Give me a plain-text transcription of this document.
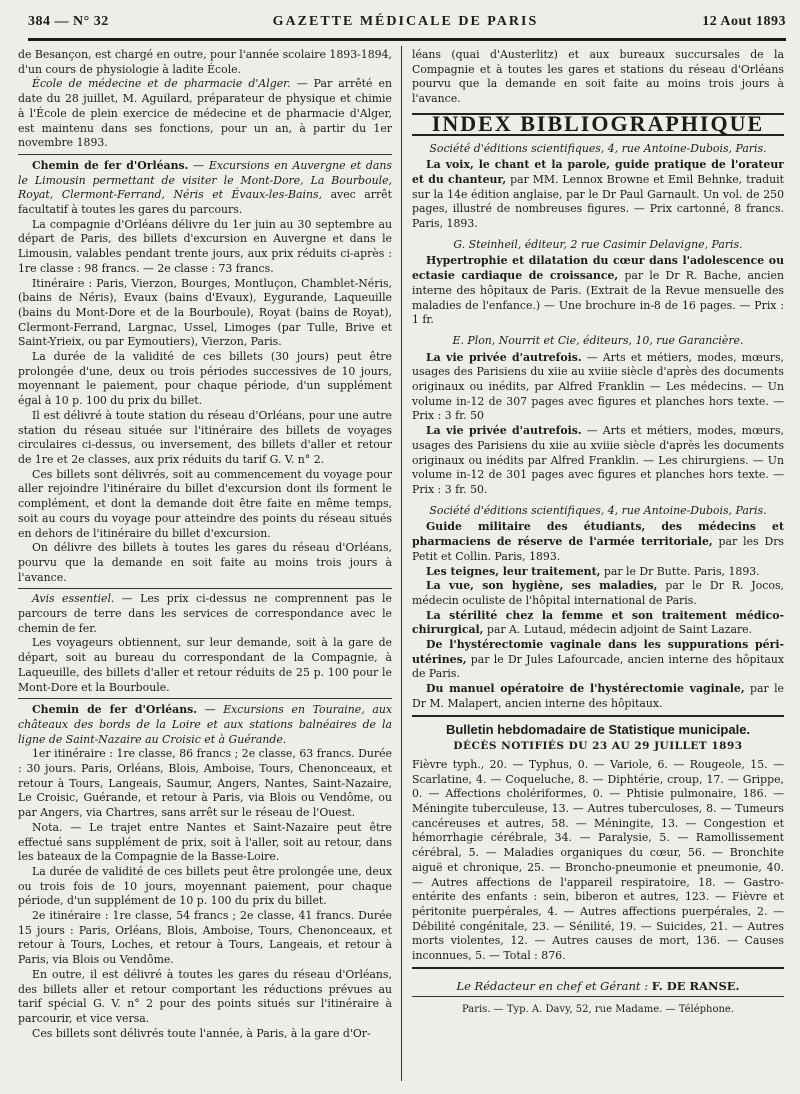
384 — N° 32	GAZETTE MÉDICALE DE PARIS	12 Aout 1893

de Besançon, est chargé en outre, pour l'année scolaire 1893-1894, d'un cours de physiologie à ladite École.

École de médecine et de pharmacie d'Alger. — Par arrêté en date du 28 juillet, M. Aguilard, préparateur de physique et chimie à l'École de plein exercice de médecine et de pharmacie d'Alger, est maintenu dans ses fonctions, pour un an, à partir du 1er novembre 1893.

Chemin de fer d'Orléans. — Excursions en Auvergne et dans le Limousin permettant de visiter le Mont-Dore, La Bourboule, Royat, Clermont-Ferrand, Néris et Évaux-les-Bains, avec arrêt facultatif à toutes les gares du parcours.

La compagnie d'Orléans délivre du 1er juin au 30 septembre au départ de Paris, des billets d'excursion en Auvergne et dans le Limousin, valables pendant trente jours, aux prix réduits ci-après : 1re classe : 98 francs. — 2e classe : 73 francs.

Itinéraire : Paris, Vierzon, Bourges, Montluçon, Chamblet-Néris, (bains de Néris), Evaux (bains d'Evaux), Eygurande, Laqueuille (bains du Mont-Dore et de la Bourboule), Royat (bains de Royat), Clermont-Ferrand, Largnac, Ussel, Limoges (par Tulle, Brive et Saint-Yrieix, ou par Eymoutiers), Vierzon, Paris.

La durée de la validité de ces billets (30 jours) peut être prolongée d'une, deux ou trois périodes successives de 10 jours, moyennant le paiement, pour chaque période, d'un supplément égal à 10 p. 100 du prix du billet.

Il est délivré à toute station du réseau d'Orléans, pour une autre station du réseau située sur l'itinéraire des billets de voyages circulaires ci-dessus, ou inversement, des billets d'aller et retour de 1re et 2e classes, aux prix réduits du tarif G. V. n° 2.

Ces billets sont délivrés, soit au commencement du voyage pour aller rejoindre l'itinéraire du billet d'excursion dont ils forment le complément, et dont la demande doit être faite en même temps, soit au cours du voyage pour atteindre des points du réseau situés en dehors de l'itinéraire du billet d'excursion.

On délivre des billets à toutes les gares du réseau d'Orléans, pourvu que la demande en soit faite au moins trois jours à l'avance.

Avis essentiel. — Les prix ci-dessus ne comprennent pas le parcours de terre dans les services de correspondance avec le chemin de fer.

Les voyageurs obtiennent, sur leur demande, soit à la gare de départ, soit au bureau du correspondant de la Compagnie, à Laqueuille, des billets d'aller et retour réduits de 25 p. 100 pour le Mont-Dore et la Bourboule.

Chemin de fer d'Orléans. — Excursions en Touraine, aux châteaux des bords de la Loire et aux stations balnéaires de la ligne de Saint-Nazaire au Croisic et à Guérande.

1er itinéraire : 1re classe, 86 francs ; 2e classe, 63 francs. Durée : 30 jours. Paris, Orléans, Blois, Amboise, Tours, Chenonceaux, et retour à Tours, Langeais, Saumur, Angers, Nantes, Saint-Nazaire, Le Croisic, Guérande, et retour à Paris, via Blois ou Vendôme, ou par Angers, via Chartres, sans arrêt sur le réseau de l'Ouest.

Nota. — Le trajet entre Nantes et Saint-Nazaire peut être effectué sans supplément de prix, soit à l'aller, soit au retour, dans les bateaux de la Compagnie de la Basse-Loire.

La durée de validité de ces billets peut être prolongée une, deux ou trois fois de 10 jours, moyennant paiement, pour chaque période, d'un supplément de 10 p. 100 du prix du billet.

2e itinéraire : 1re classe, 54 francs ; 2e classe, 41 francs. Durée 15 jours : Paris, Orléans, Blois, Amboise, Tours, Chenonceaux, et retour à Tours, Loches, et retour à Tours, Langeais, et retour à Paris, via Blois ou Vendôme.

En outre, il est délivré à toutes les gares du réseau d'Orléans, des billets aller et retour comportant les réductions prévues au tarif spécial G. V. n° 2 pour des points situés sur l'itinéraire à parcourir, et vice versa.

Ces billets sont délivrés toute l'année, à Paris, à la gare d'Or-

léans (quai d'Austerlitz) et aux bureaux succursales de la Compagnie et à toutes les gares et stations du réseau d'Orléans pourvu que la demande en soit faite au moins trois jours à l'avance.

INDEX BIBLIOGRAPHIQUE

Société d'éditions scientifiques, 4, rue Antoine-Dubois, Paris.

La voix, le chant et la parole, guide pratique de l'orateur et du chanteur, par MM. Lennox Browne et Emil Behnke, traduit sur la 14e édition anglaise, par le Dr Paul Garnault. Un vol. de 250 pages, illustré de nombreuses figures. — Prix cartonné, 8 francs. Paris, 1893.

G. Steinheil, éditeur, 2 rue Casimir Delavigne, Paris.

Hypertrophie et dilatation du cœur dans l'adolescence ou ectasie cardiaque de croissance, par le Dr R. Bache, ancien interne des hôpitaux de Paris. (Extrait de la Revue mensuelle des maladies de l'enfance.) — Une brochure in-8 de 16 pages. — Prix : 1 fr.

E. Plon, Nourrit et Cie, éditeurs, 10, rue Garancière.

La vie privée d'autrefois. — Arts et métiers, modes, mœurs, usages des Parisiens du xiie au xviiie siècle d'après des documents originaux ou inédits, par Alfred Franklin — Les médecins. — Un volume in-12 de 307 pages avec figures et planches hors texte. — Prix : 3 fr. 50

La vie privée d'autrefois. — Arts et métiers, modes, mœurs, usages des Parisiens du xiie au xviiie siècle d'après les documents originaux ou inédits par Alfred Franklin. — Les chirurgiens. — Un volume in-12 de 301 pages avec figures et planches hors texte. — Prix : 3 fr. 50.

Société d'éditions scientifiques, 4, rue Antoine-Dubois, Paris.

Guide militaire des étudiants, des médecins et pharmaciens de réserve de l'armée territoriale, par les Drs Petit et Collin. Paris, 1893.

Les teignes, leur traitement, par le Dr Butte. Paris, 1893.

La vue, son hygiène, ses maladies, par le Dr R. Jocos, médecin oculiste de l'hôpital international de Paris.

La stérilité chez la femme et son traitement médico-chirurgical, par A. Lutaud, médecin adjoint de Saint Lazare.

De l'hystérectomie vaginale dans les suppurations péri-utérines, par le Dr Jules Lafourcade, ancien interne des hôpitaux de Paris.

Du manuel opératoire de l'hystérectomie vaginale, par le Dr M. Malapert, ancien interne des hôpitaux.

Bulletin hebdomadaire de Statistique municipale.

DÉCÈS NOTIFIÉS DU 23 AU 29 JUILLET 1893

Fièvre typh., 20. — Typhus, 0. — Variole, 6. — Rougeole, 15. — Scarlatine, 4. — Coqueluche, 8. — Diphtérie, croup, 17. — Grippe, 0. — Affections cholériformes, 0. — Phtisie pulmonaire, 186. — Méningite tuberculeuse, 13. — Autres tuberculoses, 8. — Tumeurs cancéreuses et autres, 58. — Méningite, 13. — Congestion et hémorrhagie cérébrale, 34. — Paralysie, 5. — Ramollissement cérébral, 5. — Maladies organiques du cœur, 56. — Bronchite aiguë et chronique, 25. — Broncho-pneumonie et pneumonie, 40. — Autres affections de l'appareil respiratoire, 18. — Gastro-entérite des enfants : sein, biberon et autres, 123. — Fièvre et péritonite puerpérales, 4. — Autres affections puerpérales, 2. — Débilité congénitale, 23. — Sénilité, 19. — Suicides, 21. — Autres morts violentes, 12. — Autres causes de mort, 136. — Causes inconnues, 5. — Total : 876.

Le Rédacteur en chef et Gérant : F. DE RANSE.

Paris. — Typ. A. Davy, 52, rue Madame. — Téléphone.
